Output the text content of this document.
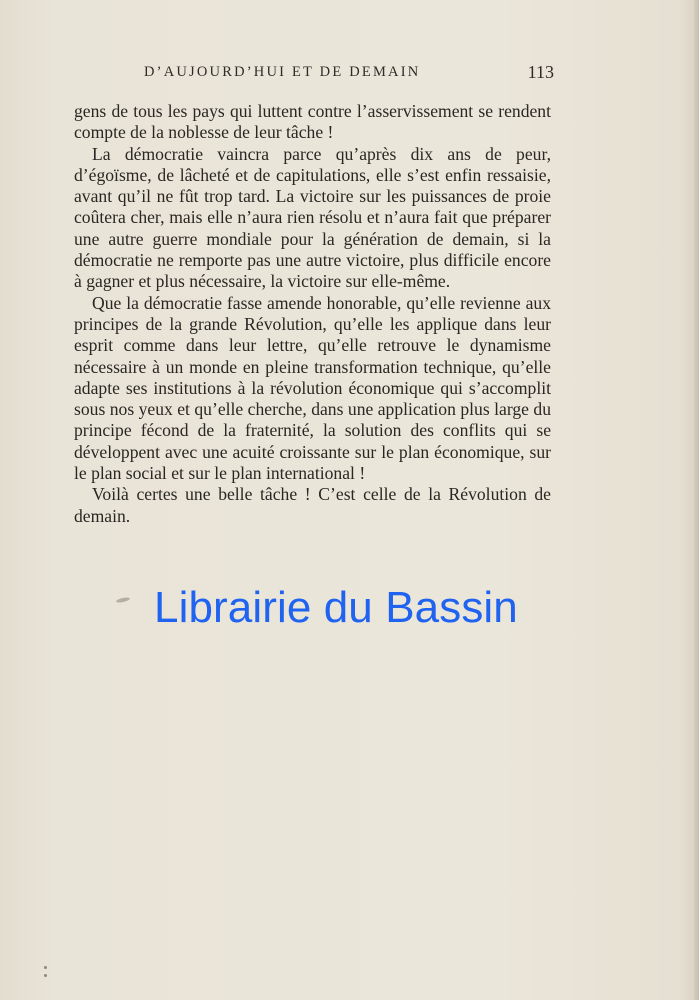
D’AUJOURD’HUI ET DE DEMAIN	113

gens de tous les pays qui luttent contre l’asservissement se rendent compte de la noblesse de leur tâche !

La démocratie vaincra parce qu’après dix ans de peur, d’égoïsme, de lâcheté et de capitulations, elle s’est enfin ressaisie, avant qu’il ne fût trop tard. La victoire sur les puissances de proie coûtera cher, mais elle n’aura rien résolu et n’aura fait que préparer une autre guerre mondiale pour la génération de demain, si la démocratie ne remporte pas une autre victoire, plus difficile encore à gagner et plus nécessaire, la victoire sur elle-même.

Que la démocratie fasse amende honorable, qu’elle revienne aux principes de la grande Révolution, qu’elle les applique dans leur esprit comme dans leur lettre, qu’elle retrouve le dynamisme nécessaire à un monde en pleine transformation technique, qu’elle adapte ses institutions à la révolution économique qui s’accomplit sous nos yeux et qu’elle cherche, dans une application plus large du principe fécond de la fraternité, la solution des conflits qui se développent avec une acuité croissante sur le plan économique, sur le plan social et sur le plan international !

Voilà certes une belle tâche ! C’est celle de la Révolution de demain.

Librairie du Bassin
